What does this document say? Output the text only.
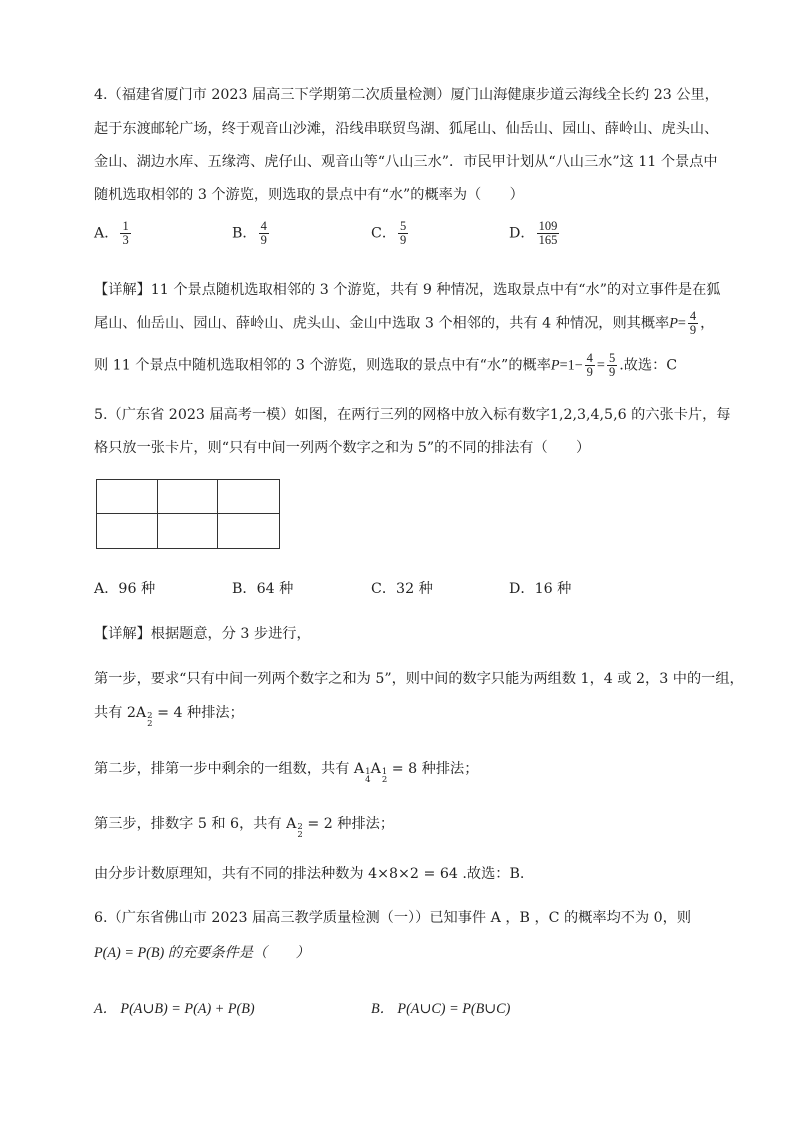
4.（福建省厦门市 2023 届高三下学期第二次质量检测）厦门山海健康步道云海线全长约 23 公里，
起于东渡邮轮广场，终于观音山沙滩，沿线串联贸鸟湖、狐尾山、仙岳山、园山、薛岭山、虎头山、
金山、湖边水库、五缘湾、虎仔山、观音山等“八山三水”．市民甲计划从“八山三水”这 11 个景点中
随机选取相邻的 3 个游览，则选取的景点中有“水”的概率为（　　）
A． $\frac{1}{3}$	B． $\frac{4}{9}$	C． $\frac{5}{9}$	D． $\frac{109}{165}$
【详解】11 个景点随机选取相邻的 3 个游览，共有 9 种情况，选取景点中有“水”的对立事件是在狐
尾山、仙岳山、园山、薛岭山、虎头山、金山中选取 3 个相邻的，共有 4 种情况，则其概率$P= \frac{4}{9}$ ，
则 11 个景点中随机选取相邻的 3 个游览，则选取的景点中有“水”的概率$P=1- \frac{4}{9} = \frac{5}{9}$ .故选：C
5.（广东省 2023 届高考一模）如图，在两行三列的网格中放入标有数字1,2,3,4,5,6 的六张卡片，每
格只放一张卡片，则“只有中间一列两个数字之和为 5”的不同的排法有（　　）
A．96 种	B．64 种	C．32 种	D．16 种
【详解】根据题意，分 3 步进行，
第一步，要求“只有中间一列两个数字之和为 5”，则中间的数字只能为两组数 1，4 或 2，3 中的一组，
共有 2A 2
2
= 4 种排法；
第二步，排第一步中剩余的一组数，共有 A 1
4
A 1
2
= 8 种排法；
第三步，排数字 5 和 6，共有 A 2
2
= 2 种排法；
由分步计数原理知，共有不同的排法种数为 4×8×2 = 64 .故选：B.
6.（广东省佛山市 2023 届高三教学质量检测（一））已知事件 A ，B ，C 的概率均不为 0，则
P(A) = P(B) 的充要条件是（　　）
A． P(A∪B) = P(A) + P(B)	B． P(A∪C) = P(B∪C)
